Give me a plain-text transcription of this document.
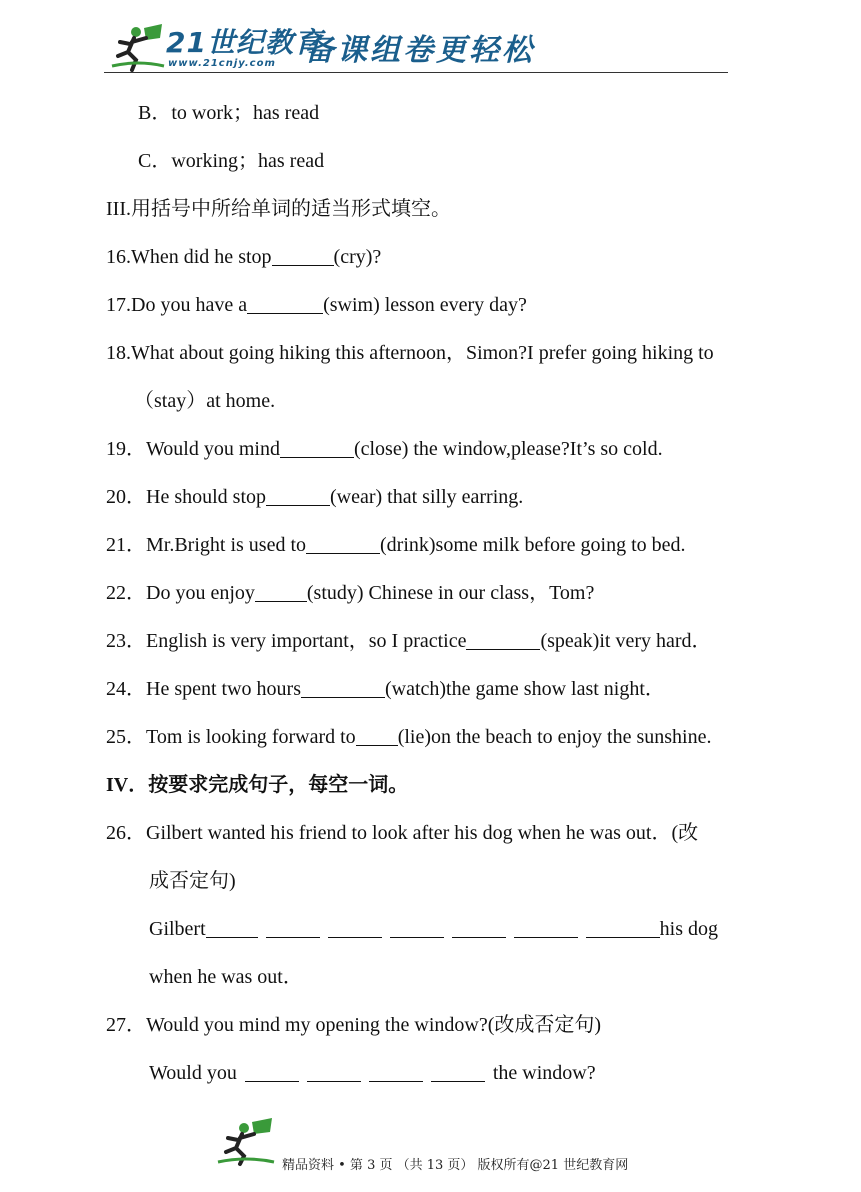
21世纪教育
www.21cnjy.com 备课组卷更轻松
B．to work；has read
C．working；has read
III.用括号中所给单词的适当形式填空。
16.When did he stop	(cry)?
17.Do you have a	(swim) lesson every day?
18.What about going hiking this afternoon，Simon?I prefer going hiking to
（stay）at home.
19．Would you mind	(close) the window,please?It’s so cold.
20．He should stop	(wear) that silly earring.
21．Mr.Bright is used to	(drink)some milk before going to bed.
22．Do you enjoy	(study) Chinese in our class，Tom?
23．English is very important，so I practice	(speak)it very hard．
24．He spent two hours	(watch)the game show last night．
25．Tom is looking forward to (lie)on the beach to enjoy the sunshine.
IV．按要求完成句子，每空一词。
26．Gilbert wanted his friend to look after his dog when he was out．(改
成否定句)
Gilbert	his dog
when he was out．
27．Would you mind my opening the window?(改成否定句)
Would you	the window?
精品资料 • 第 3 页 （共 13 页） 版权所有@21 世纪教育网
